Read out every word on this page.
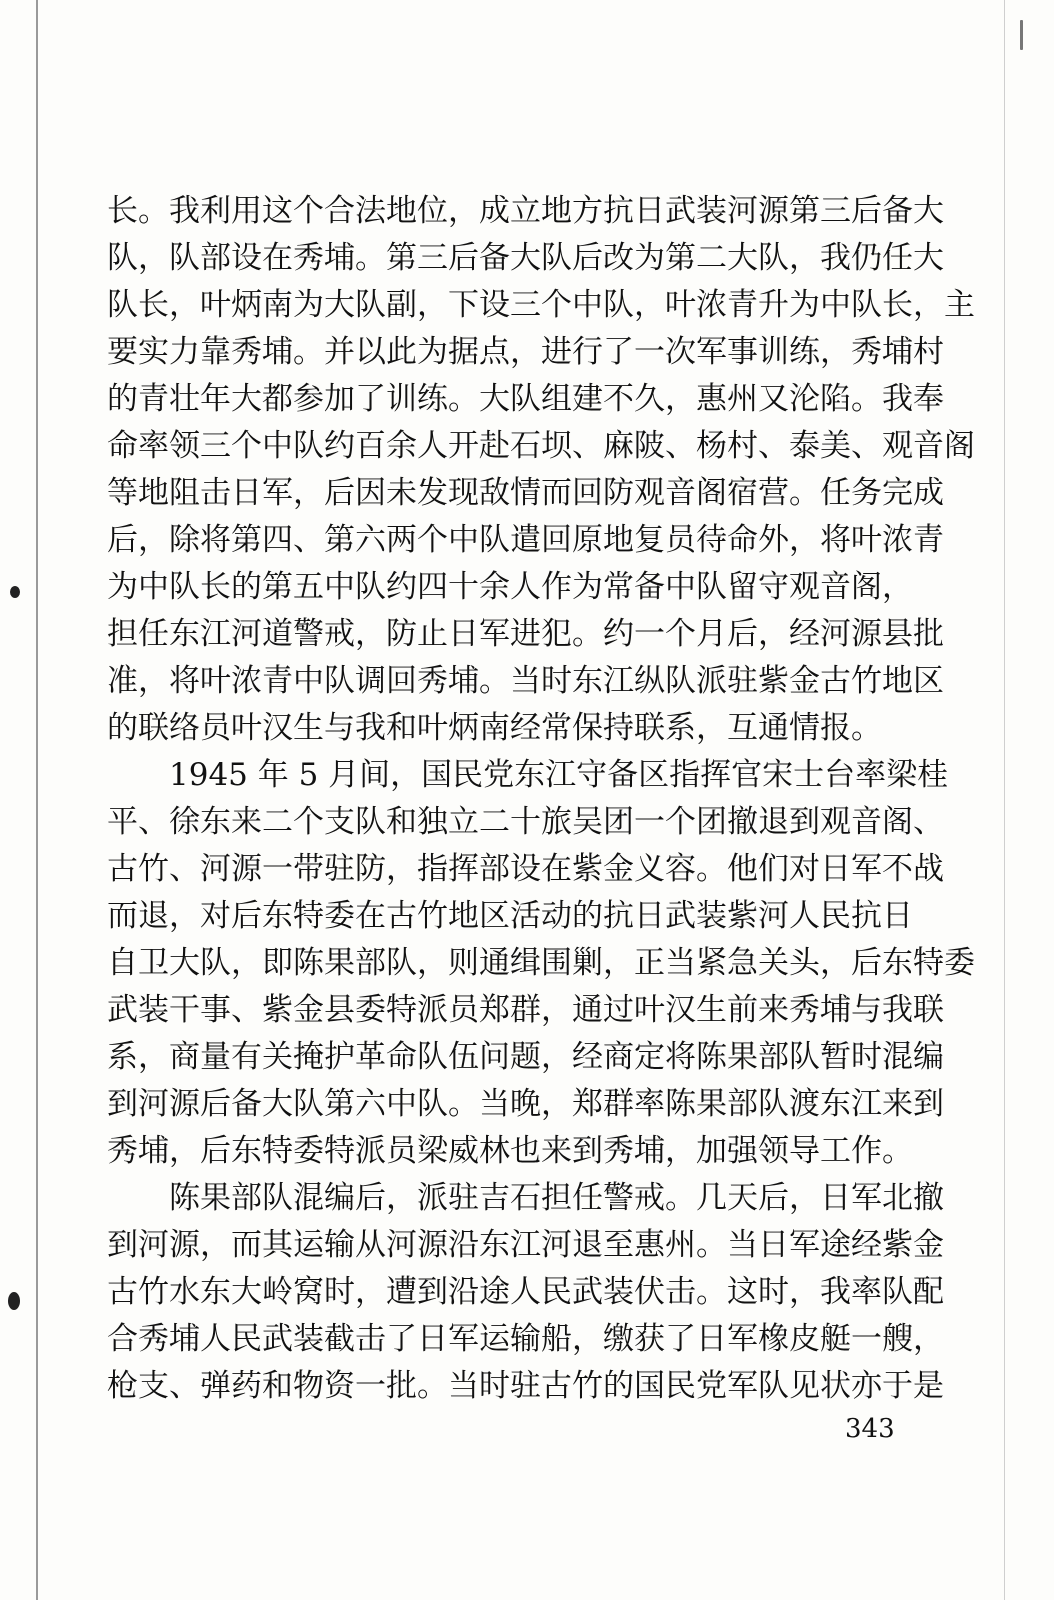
长。我利用这个合法地位，成立地方抗日武装河源第三后备大
队，队部设在秀埔。第三后备大队后改为第二大队，我仍任大
队长，叶炳南为大队副，下设三个中队，叶浓青升为中队长，主
要实力靠秀埔。并以此为据点，进行了一次军事训练，秀埔村
的青壮年大都参加了训练。大队组建不久，惠州又沦陷。我奉
命率领三个中队约百余人开赴石坝、麻陂、杨村、泰美、观音阁
等地阻击日军，后因未发现敌情而回防观音阁宿营。任务完成
后，除将第四、第六两个中队遣回原地复员待命外，将叶浓青
为中队长的第五中队约四十余人作为常备中队留守观音阁，
担任东江河道警戒，防止日军进犯。约一个月后，经河源县批
准，将叶浓青中队调回秀埔。当时东江纵队派驻紫金古竹地区
的联络员叶汉生与我和叶炳南经常保持联系，互通情报。
1945 年 5 月间，国民党东江守备区指挥官宋士台率梁桂
平、徐东来二个支队和独立二十旅吴团一个团撤退到观音阁、
古竹、河源一带驻防，指挥部设在紫金义容。他们对日军不战
而退，对后东特委在古竹地区活动的抗日武装紫河人民抗日
自卫大队，即陈果部队，则通缉围剿，正当紧急关头，后东特委
武装干事、紫金县委特派员郑群，通过叶汉生前来秀埔与我联
系，商量有关掩护革命队伍问题，经商定将陈果部队暂时混编
到河源后备大队第六中队。当晚，郑群率陈果部队渡东江来到
秀埔，后东特委特派员梁威林也来到秀埔，加强领导工作。
陈果部队混编后，派驻吉石担任警戒。几天后，日军北撤
到河源，而其运输从河源沿东江河退至惠州。当日军途经紫金
古竹水东大岭窝时，遭到沿途人民武装伏击。这时，我率队配
合秀埔人民武装截击了日军运输船，缴获了日军橡皮艇一艘，
枪支、弹药和物资一批。当时驻古竹的国民党军队见状亦于是
343
